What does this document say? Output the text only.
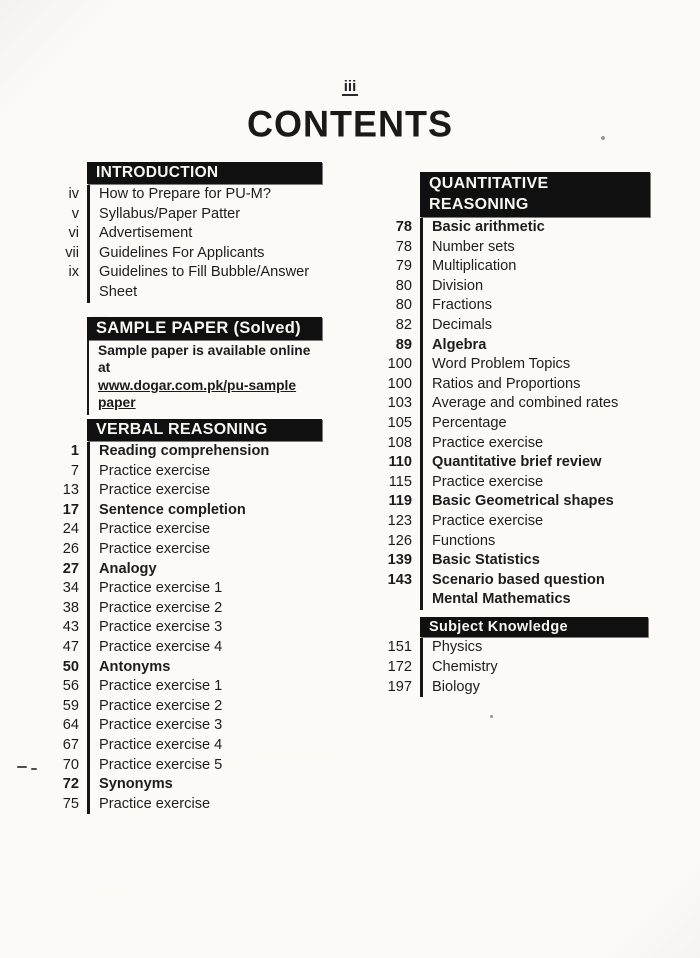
iii
CONTENTS
INTRODUCTION
iv	How to Prepare for PU-M?
v	Syllabus/Paper Patter
vi	Advertisement
vii	Guidelines For Applicants
ix	Guidelines to Fill Bubble/Answer Sheet
SAMPLE PAPER (Solved)
Sample paper is available online at
www.dogar.com.pk/pu-sample paper
VERBAL REASONING
1	Reading comprehension
7	Practice exercise
13	Practice exercise
17	Sentence completion
24	Practice exercise
26	Practice exercise
27	Analogy
34	Practice exercise 1
38	Practice exercise 2
43	Practice exercise 3
47	Practice exercise 4
50	Antonyms
56	Practice exercise 1
59	Practice exercise 2
64	Practice exercise 3
67	Practice exercise 4
70	Practice exercise 5
72	Synonyms
75	Practice exercise
QUANTITATIVE
REASONING
78	Basic arithmetic
78	Number sets
79	Multiplication
80	Division
80	Fractions
82	Decimals
89	Algebra
100	Word Problem Topics
100	Ratios and Proportions
103	Average and combined rates
105	Percentage
108	Practice exercise
110	Quantitative brief review
115	Practice exercise
119	Basic Geometrical shapes
123	Practice exercise
126	Functions
139	Basic Statistics
143	Scenario based question
Mental Mathematics
Subject Knowledge
151	Physics
172	Chemistry
197	Biology
